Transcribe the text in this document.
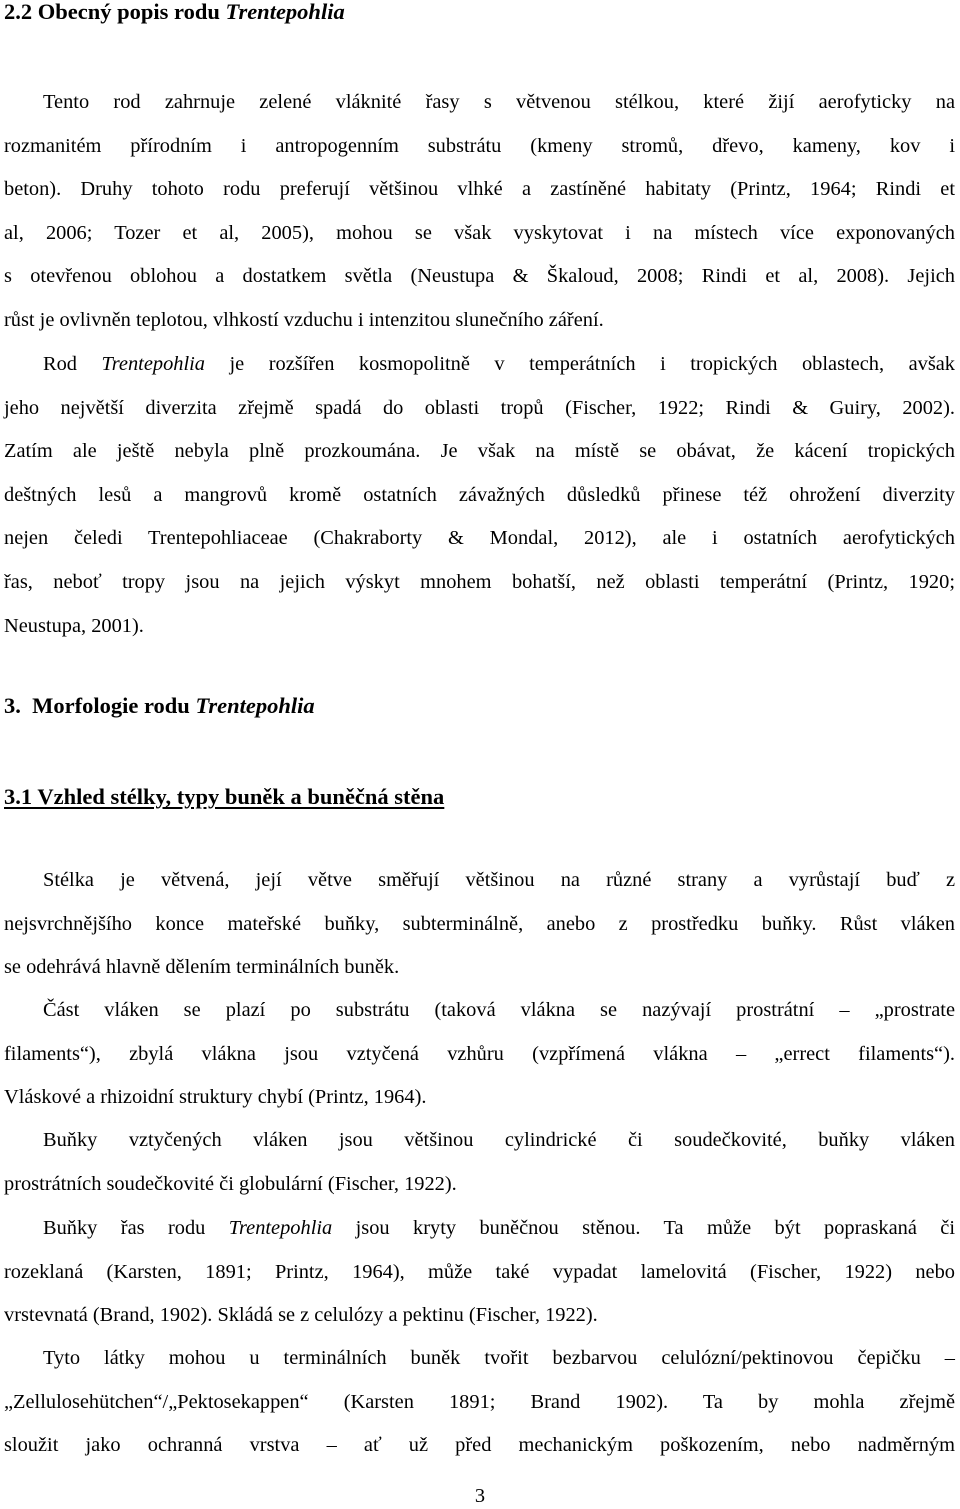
2.2 Obecný popis rodu Trentepohlia

Tento rod zahrnuje zelené vláknité řasy s větvenou stélkou, které žijí aerofyticky na
rozmanitém přírodním i antropogenním substrátu (kmeny stromů, dřevo, kameny, kov i
beton). Druhy tohoto rodu preferují většinou vlhké a zastíněné habitaty (Printz, 1964; Rindi et
al, 2006; Tozer et al, 2005), mohou se však vyskytovat i na místech více exponovaných
s otevřenou oblohou a dostatkem světla (Neustupa & Škaloud, 2008; Rindi et al, 2008). Jejich
růst je ovlivněn teplotou, vlhkostí vzduchu i intenzitou slunečního záření.

Rod Trentepohlia je rozšířen kosmopolitně v temperátních i tropických oblastech, avšak
jeho největší diverzita zřejmě spadá do oblasti tropů (Fischer, 1922; Rindi & Guiry, 2002).
Zatím ale ještě nebyla plně prozkoumána. Je však na místě se obávat, že kácení tropických
deštných lesů a mangrovů kromě ostatních závažných důsledků přinese též ohrožení diverzity
nejen čeledi Trentepohliaceae (Chakraborty & Mondal, 2012), ale i ostatních aerofytických
řas, neboť tropy jsou na jejich výskyt mnohem bohatší, než oblasti temperátní (Printz, 1920;
Neustupa, 2001).

3.  Morfologie rodu Trentepohlia
3.1 Vzhled stélky, typy buněk a buněčná stěna

Stélka je větvená, její větve směřují většinou na různé strany a vyrůstají buď z
nejsvrchnějšího konce mateřské buňky, subterminálně, anebo z prostředku buňky. Růst vláken
se odehrává hlavně dělením terminálních buněk.

Část vláken se plazí po substrátu (taková vlákna se nazývají prostrátní – „prostrate
filaments“), zbylá vlákna jsou vztyčená vzhůru (vzpřímená vlákna – „errect filaments“).
Vláskové a rhizoidní struktury chybí (Printz, 1964).

Buňky vztyčených vláken jsou většinou cylindrické či soudečkovité, buňky vláken
prostrátních soudečkovité či globulární (Fischer, 1922).

Buňky řas rodu Trentepohlia jsou kryty buněčnou stěnou. Ta může být popraskaná či
rozeklaná (Karsten, 1891; Printz, 1964), může také vypadat lamelovitá (Fischer, 1922) nebo
vrstevnatá (Brand, 1902). Skládá se z celulózy a pektinu (Fischer, 1922).

Tyto látky mohou u terminálních buněk tvořit bezbarvou celulózní/pektinovou čepičku –
„Zellulosehütchen“/„Pektosekappen“ (Karsten 1891; Brand 1902). Ta by mohla zřejmě
sloužit jako ochranná vrstva – ať už před mechanickým poškozením, nebo nadměrným

3
